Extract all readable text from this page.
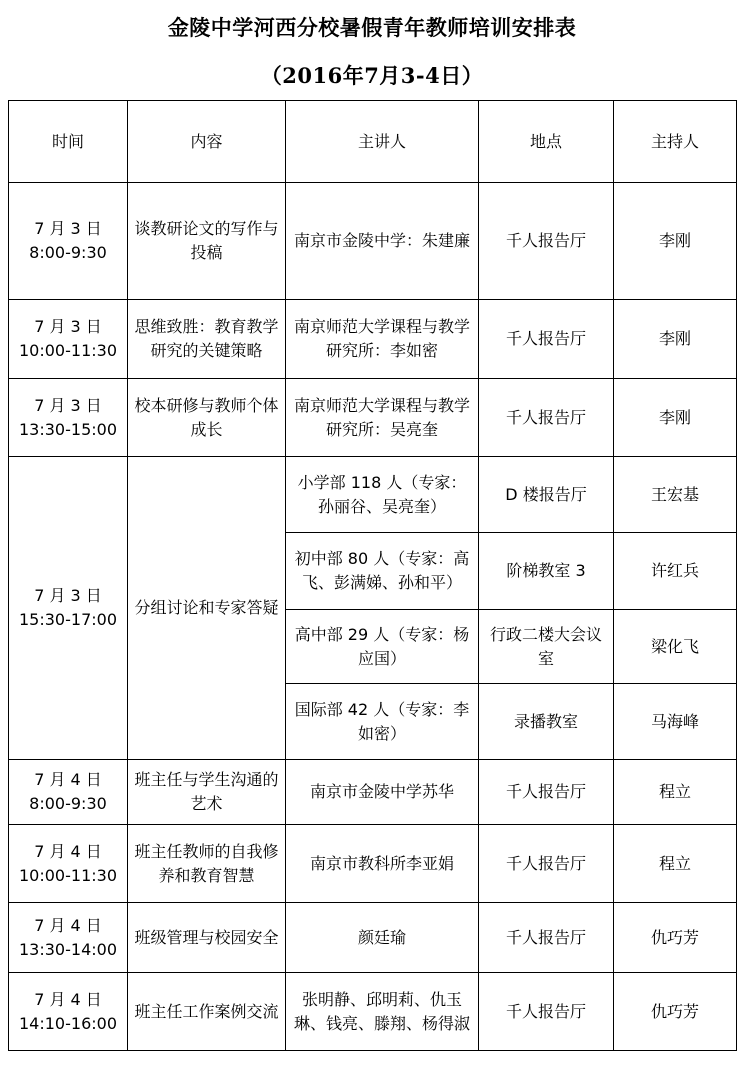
金陵中学河西分校暑假青年教师培训安排表
（2016年7月3-4日）
时间	内容	主讲人	地点	主持人

7 月 3 日
8:00-9:30	谈教研论文的写作与投稿	南京市金陵中学：朱建廉	千人报告厅	李刚

7 月 3 日
10:00-11:30	思维致胜：教育教学研究的关键策略	南京师范大学课程与教学研究所：李如密	千人报告厅	李刚

7 月 3 日
13:30-15:00	校本研修与教师个体成长	南京师范大学课程与教学研究所：吴亮奎	千人报告厅	李刚

7 月 3 日
15:30-17:00	分组讨论和专家答疑	小学部 118 人（专家：孙丽谷、吴亮奎）	D 楼报告厅	王宏基
		初中部 80 人（专家：高飞、彭满娣、孙和平）	阶梯教室 3	许红兵
		高中部 29 人（专家：杨应国）	行政二楼大会议室	梁化飞
		国际部 42 人（专家：李如密）	录播教室	马海峰

7 月 4 日
8:00-9:30	班主任与学生沟通的艺术	南京市金陵中学苏华	千人报告厅	程立

7 月 4 日
10:00-11:30	班主任教师的自我修养和教育智慧	南京市教科所李亚娟	千人报告厅	程立

7 月 4 日
13:30-14:00	班级管理与校园安全	颜廷瑜	千人报告厅	仇巧芳

7 月 4 日
14:10-16:00	班主任工作案例交流	张明静、邱明莉、仇玉琳、钱亮、滕翔、杨得淑	千人报告厅	仇巧芳
